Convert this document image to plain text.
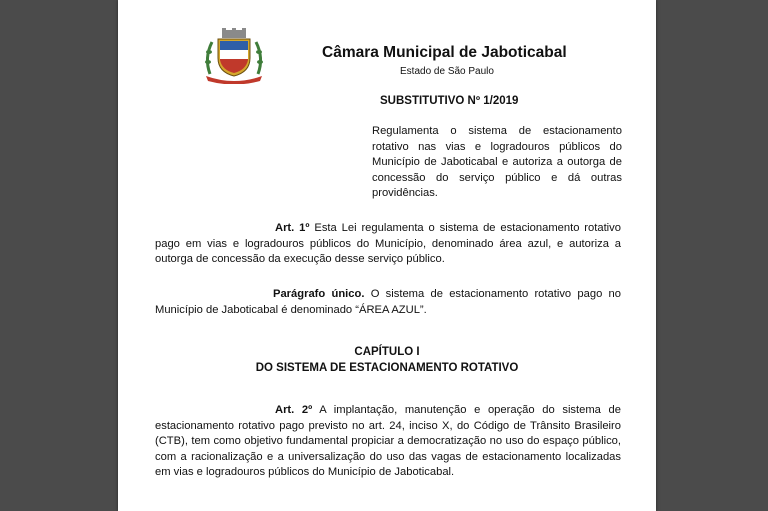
Câmara Municipal de Jaboticabal
Estado de São Paulo
SUBSTITUTIVO Nº 1/2019
Regulamenta o sistema de estacionamento rotativo nas vias e logradouros públicos do Município de Jaboticabal e autoriza a outorga de concessão do serviço público e dá outras providências.
Art. 1º Esta Lei regulamenta o sistema de estacionamento rotativo pago em vias e logradouros públicos do Município, denominado área azul, e autoriza a outorga de concessão da execução desse serviço público.
Parágrafo único. O sistema de estacionamento rotativo pago no Município de Jaboticabal é denominado “ÁREA AZUL”.
CAPÍTULO I
DO SISTEMA DE ESTACIONAMENTO ROTATIVO
Art. 2º A implantação, manutenção e operação do sistema de estacionamento rotativo pago previsto no art. 24, inciso X, do Código de Trânsito Brasileiro (CTB), tem como objetivo fundamental propiciar a democratização no uso do espaço público, com a racionalização e a universalização do uso das vagas de estacionamento localizadas em vias e logradouros públicos do Município de Jaboticabal.
